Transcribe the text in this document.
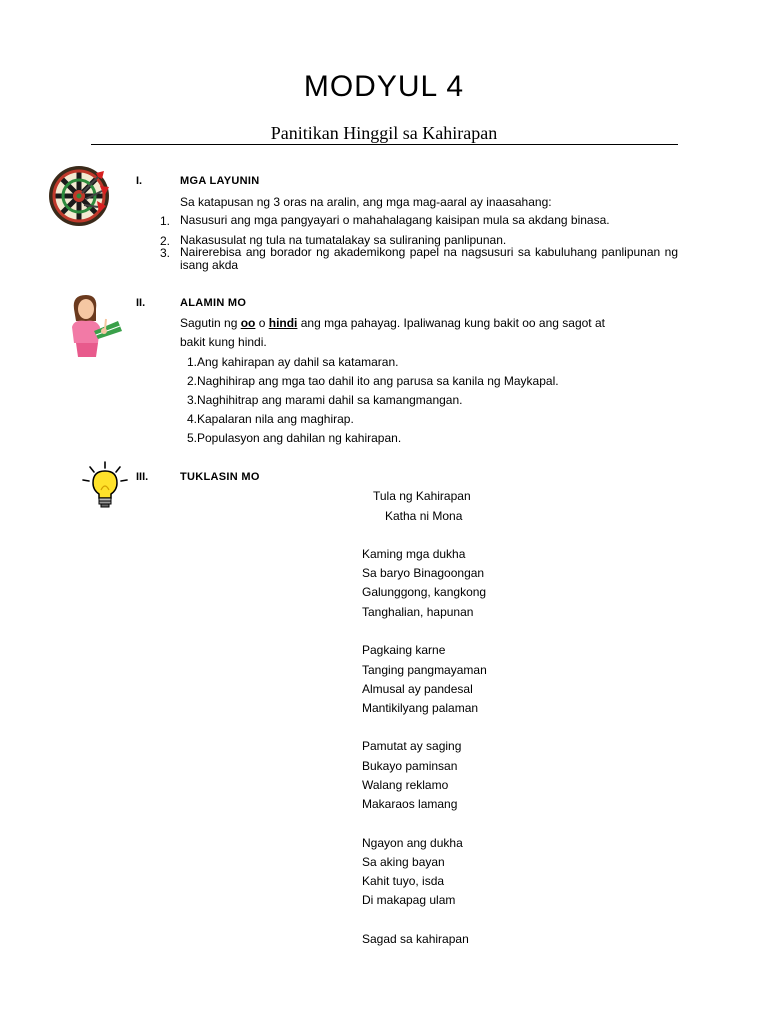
MODYUL 4
Panitikan Hinggil sa Kahirapan
I.	MGA LAYUNIN
Sa katapusan ng 3 oras na aralin, ang mga mag-aaral ay inaasahang:
1. Nasusuri ang mga pangyayari o mahahalagang kaisipan mula sa akdang binasa.
2. Nakasusulat ng tula na tumatalakay sa suliraning panlipunan.
3. Nairerebisa ang borador ng akademikong papel na nagsusuri sa kabuluhang panlipunan ng isang akda
II.	ALAMIN MO
Sagutin ng oo o hindi ang mga pahayag. Ipaliwanag kung bakit oo ang sagot at
bakit kung hindi.
1.Ang kahirapan ay dahil sa katamaran.
2.Naghihirap ang mga tao dahil ito ang parusa sa kanila ng Maykapal.
3.Naghihitrap ang marami dahil sa kamangmangan.
4.Kapalaran nila ang maghirap.
5.Populasyon ang dahilan ng kahirapan.
III.	TUKLASIN MO
Tula ng Kahirapan
Katha ni Mona
Kaming mga dukha
Sa baryo Binagoongan
Galunggong, kangkong
Tanghalian, hapunan
Pagkaing karne
Tanging pangmayaman
Almusal ay pandesal
Mantikilyang palaman
Pamutat ay saging
Bukayo paminsan
Walang reklamo
Makaraos lamang
Ngayon ang dukha
Sa aking bayan
Kahit tuyo, isda
Di makapag ulam
Sagad sa kahirapan
